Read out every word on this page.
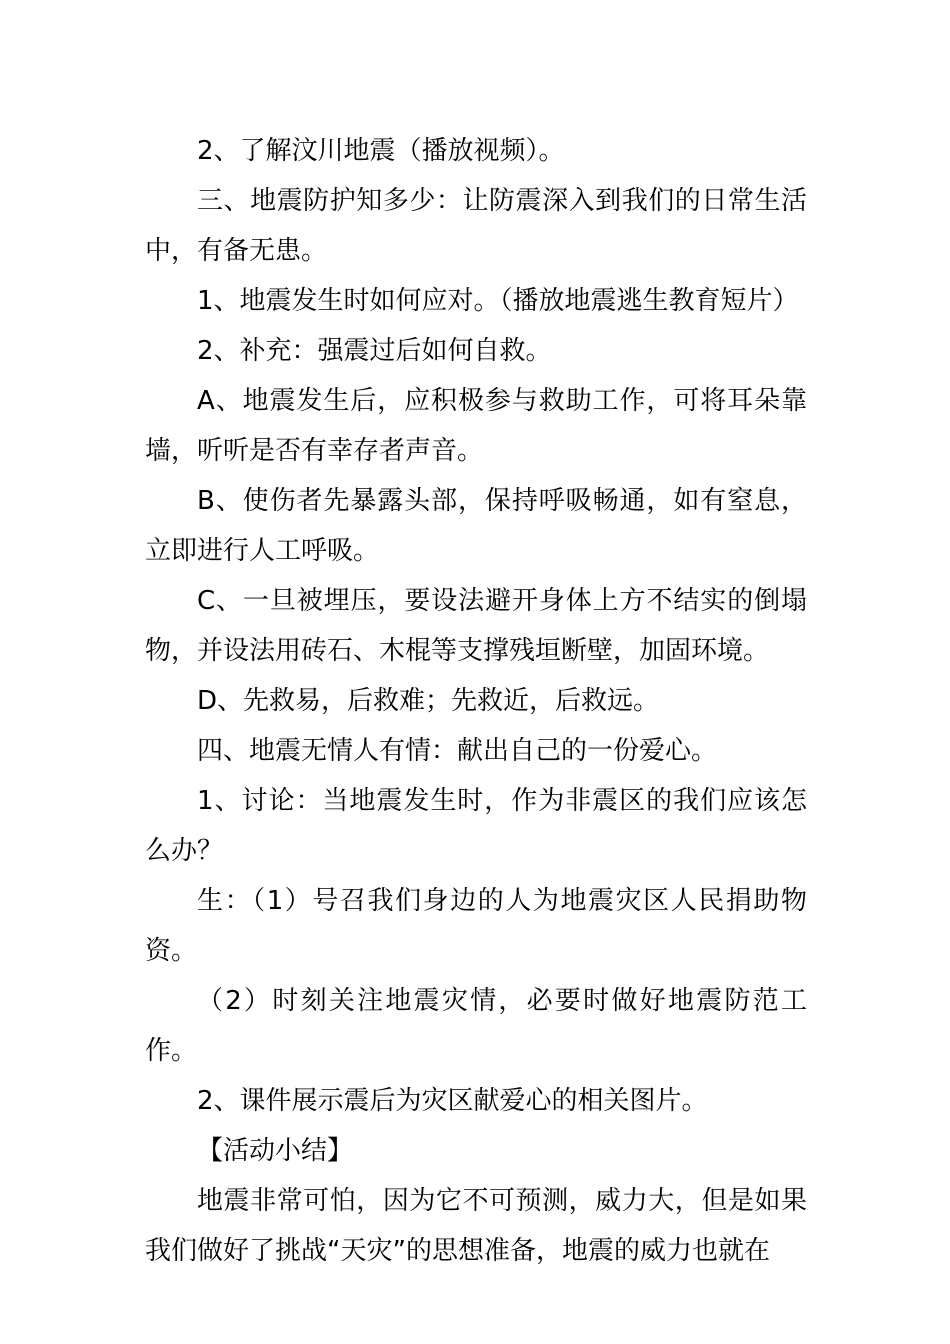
2、了解汶川地震（播放视频）。

三、地震防护知多少：让防震深入到我们的日常生活中，有备无患。

1、地震发生时如何应对。（播放地震逃生教育短片）

2、补充：强震过后如何自救。

A、地震发生后，应积极参与救助工作，可将耳朵靠墙，听听是否有幸存者声音。

B、使伤者先暴露头部，保持呼吸畅通，如有窒息，立即进行人工呼吸。

C、一旦被埋压，要设法避开身体上方不结实的倒塌物，并设法用砖石、木棍等支撑残垣断壁，加固环境。

D、先救易，后救难；先救近，后救远。

四、地震无情人有情：献出自己的一份爱心。

1、讨论：当地震发生时，作为非震区的我们应该怎么办？

生：（1）号召我们身边的人为地震灾区人民捐助物资。

（2）时刻关注地震灾情，必要时做好地震防范工作。

2、课件展示震后为灾区献爱心的相关图片。

【活动小结】

地震非常可怕，因为它不可预测，威力大，但是如果我们做好了挑战“天灾”的思想准备，地震的威力也就在
